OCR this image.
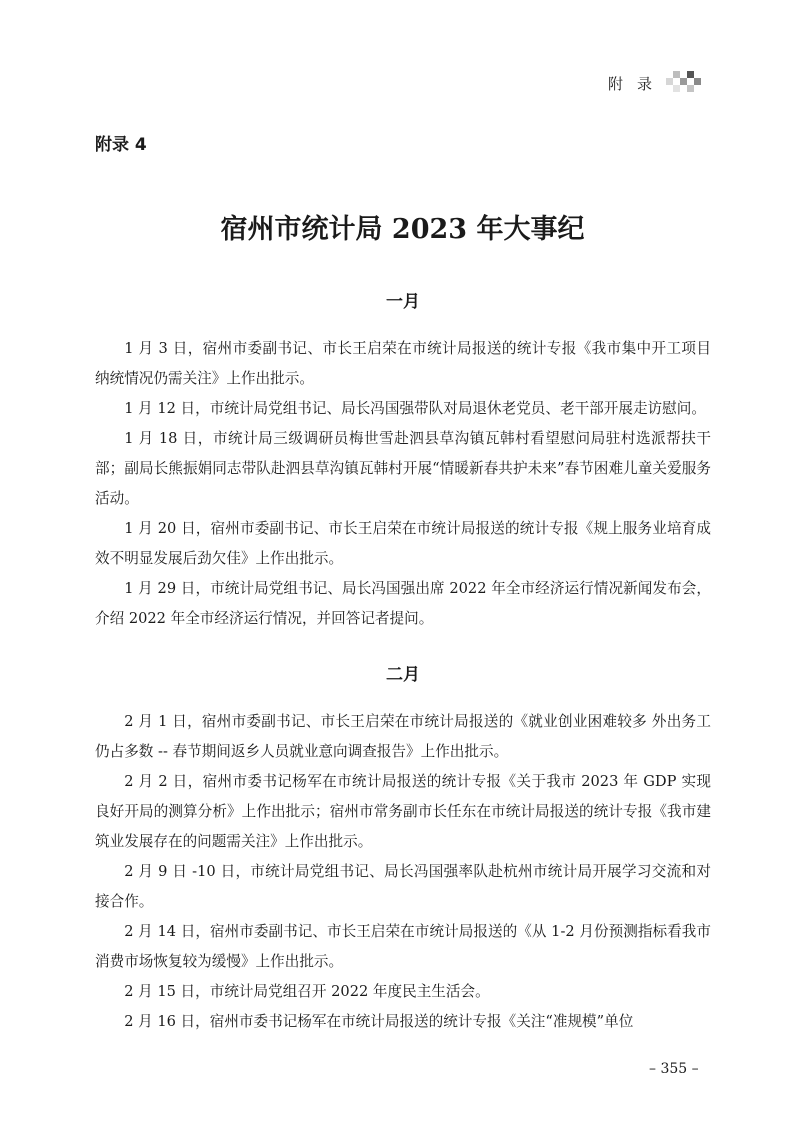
附录
附录 4
宿州市统计局 2023 年大事纪
一月

1 月 3 日，宿州市委副书记、市长王启荣在市统计局报送的统计专报《我市集中开工项目纳统情况仍需关注》上作出批示。

1 月 12 日，市统计局党组书记、局长冯国强带队对局退休老党员、老干部开展走访慰问。

1 月 18 日，市统计局三级调研员梅世雪赴泗县草沟镇瓦韩村看望慰问局驻村选派帮扶干部；副局长熊振娟同志带队赴泗县草沟镇瓦韩村开展“情暖新春共护未来”春节困难儿童关爱服务活动。

1 月 20 日，宿州市委副书记、市长王启荣在市统计局报送的统计专报《规上服务业培育成效不明显发展后劲欠佳》上作出批示。

1 月 29 日，市统计局党组书记、局长冯国强出席 2022 年全市经济运行情况新闻发布会，介绍 2022 年全市经济运行情况，并回答记者提问。

二月

2 月 1 日，宿州市委副书记、市长王启荣在市统计局报送的《就业创业困难较多 外出务工仍占多数 -- 春节期间返乡人员就业意向调查报告》上作出批示。

2 月 2 日，宿州市委书记杨军在市统计局报送的统计专报《关于我市 2023 年 GDP 实现良好开局的测算分析》上作出批示；宿州市常务副市长任东在市统计局报送的统计专报《我市建筑业发展存在的问题需关注》上作出批示。

2 月 9 日 -10 日，市统计局党组书记、局长冯国强率队赴杭州市统计局开展学习交流和对接合作。

2 月 14 日，宿州市委副书记、市长王启荣在市统计局报送的《从 1-2 月份预测指标看我市消费市场恢复较为缓慢》上作出批示。

2 月 15 日，市统计局党组召开 2022 年度民主生活会。

2 月 16 日，宿州市委书记杨军在市统计局报送的统计专报《关注“准规模”单位

– 355 –
